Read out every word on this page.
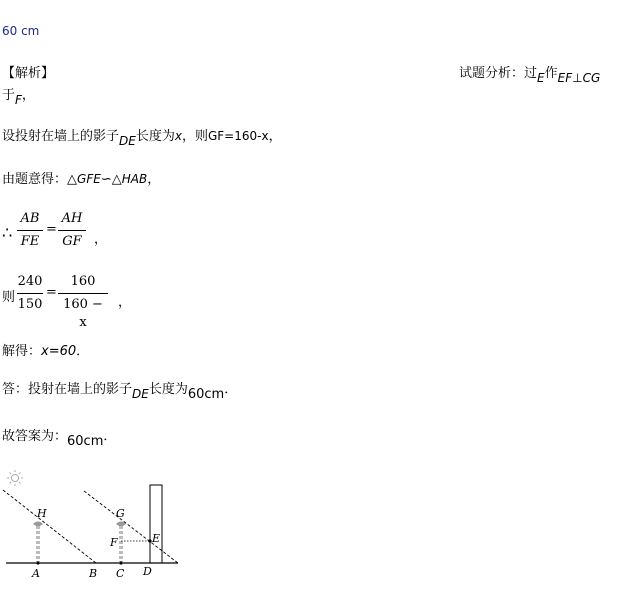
60 cm
【解析】	试题分析：过E作EF⊥CG
于F，
设投射在墙上的影子DE长度为x，则GF=160-x，
由题意得：△GFE∽△HAB，
∴
AB
FE
=
AH
GF ，
则
240
150
=
160
160 − x
，
解得：x=60．
答：投射在墙上的影子DE长度为60cm．
故答案为：60cm．
H	G
F	E
A	B C D
